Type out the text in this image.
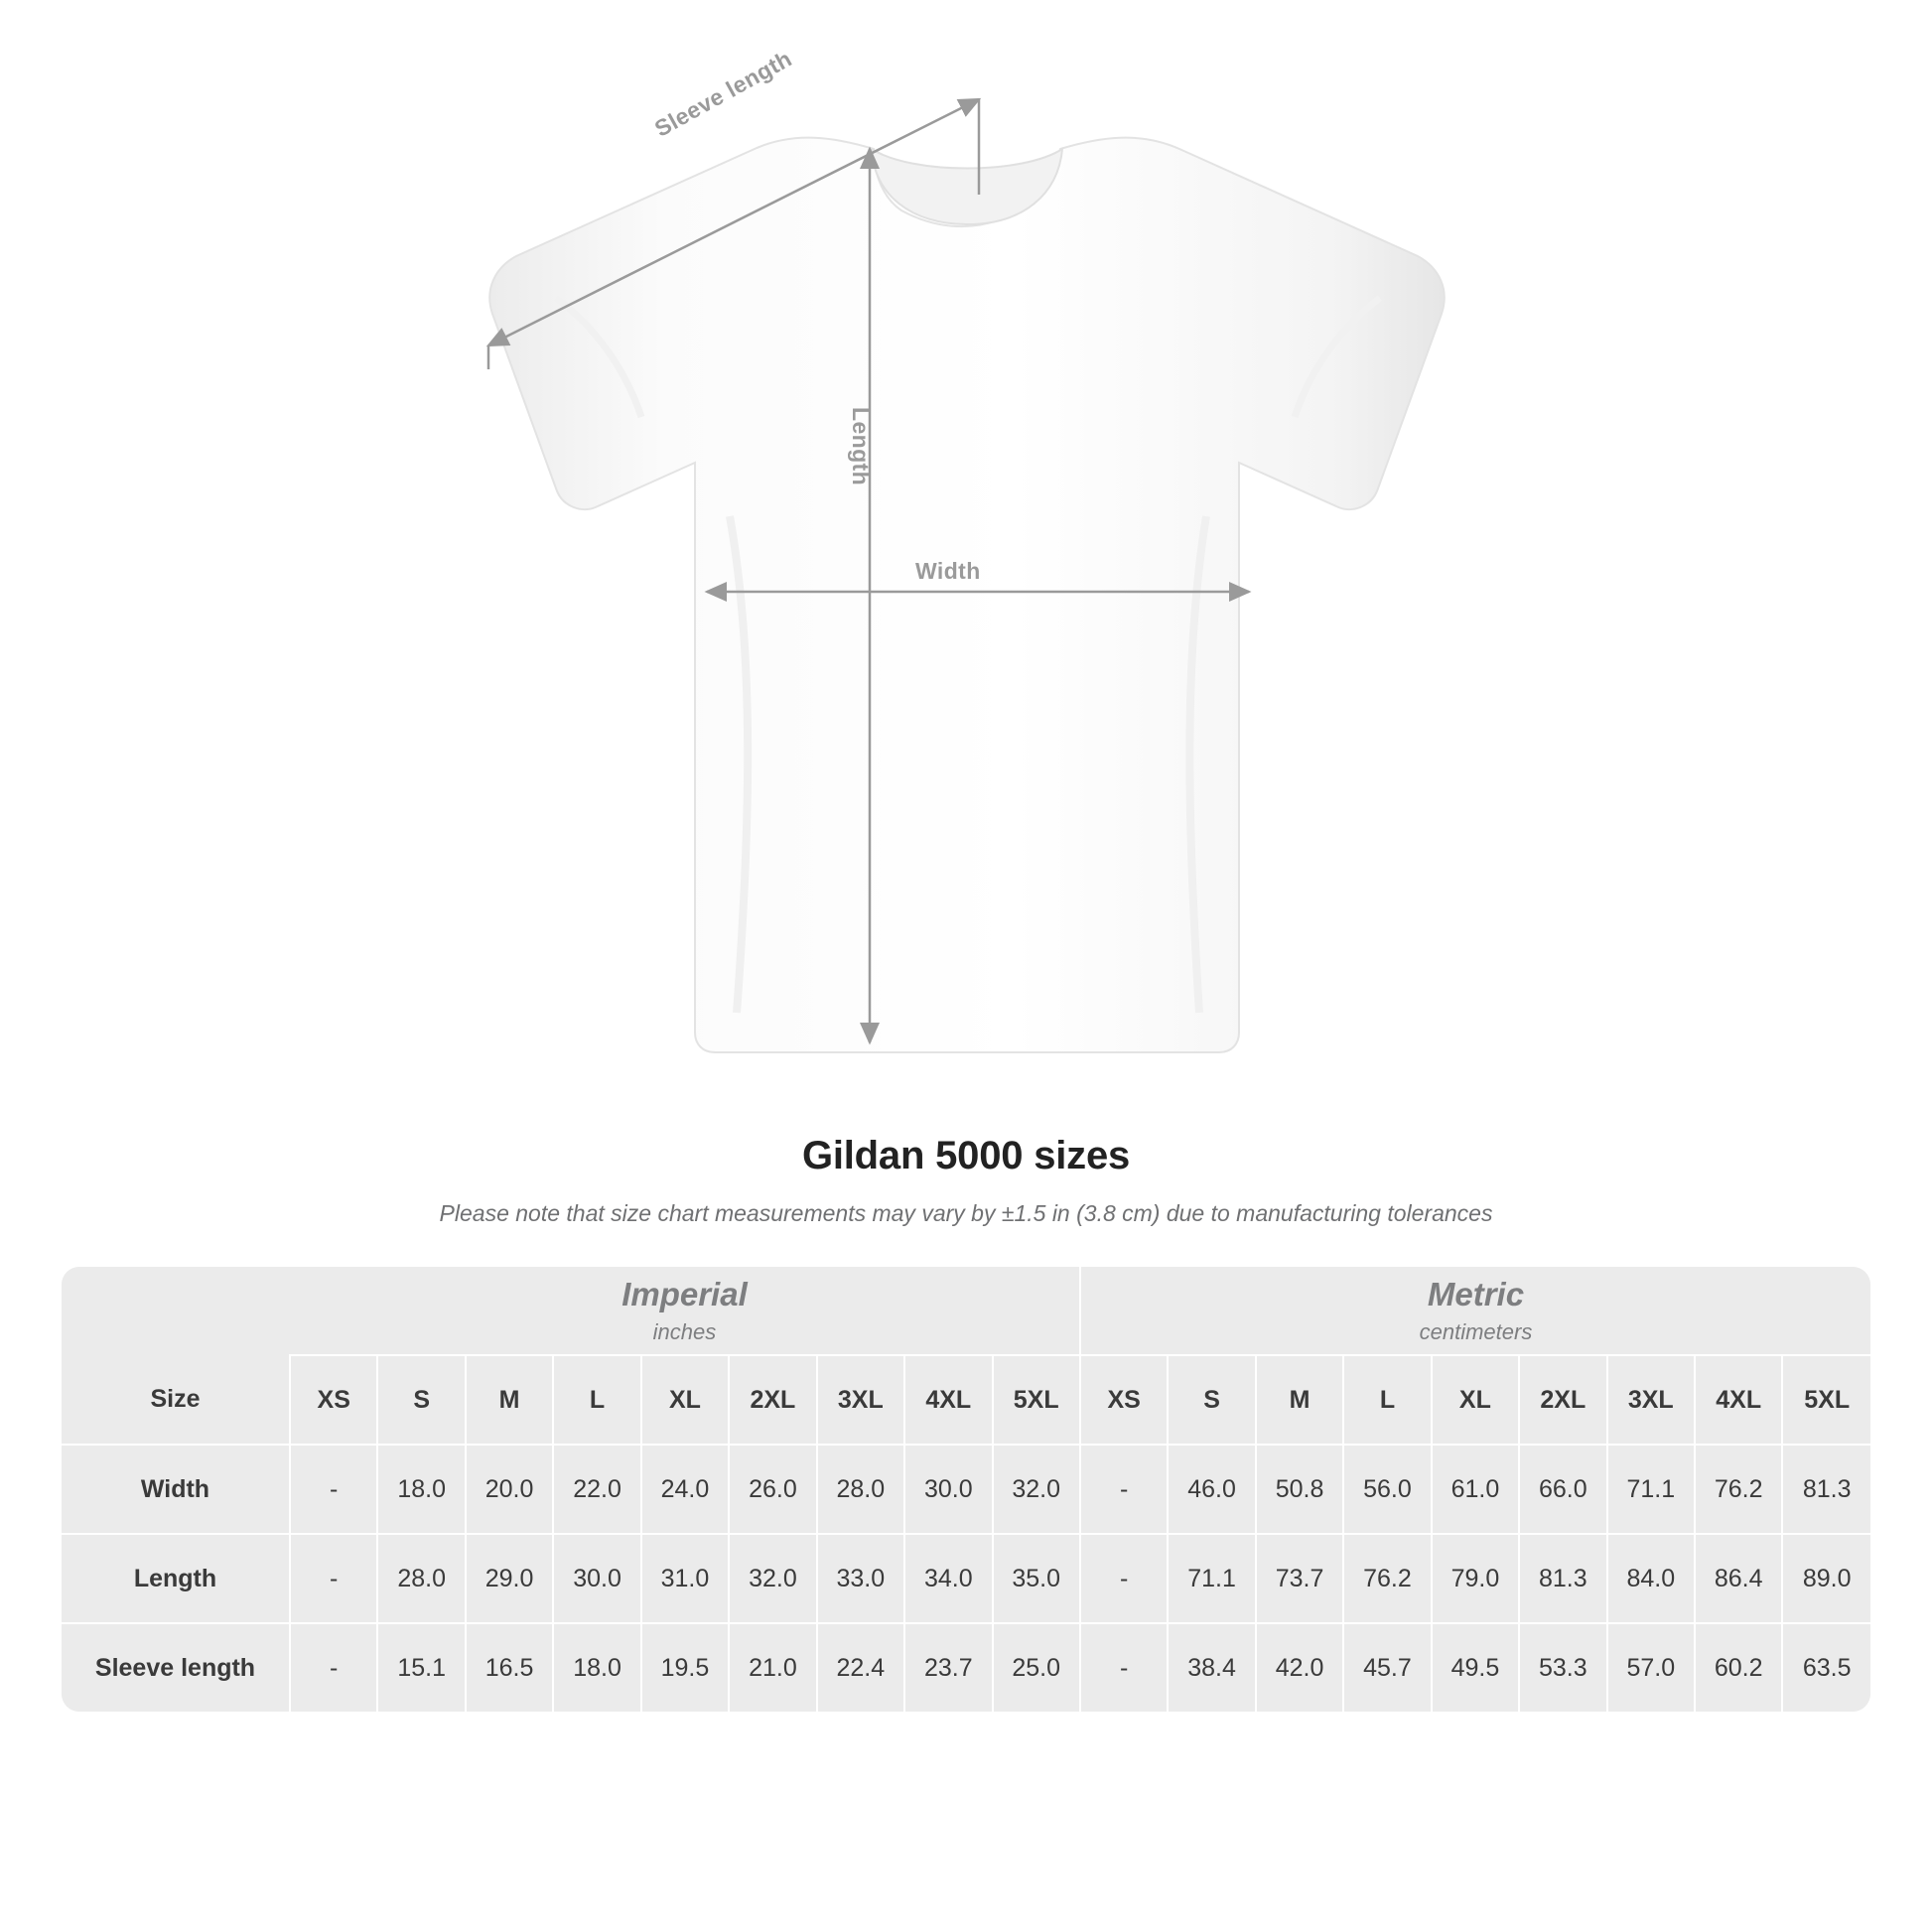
Width
Length
Sleeve length
Gildan 5000 sizes
Please note that size chart measurements may vary by ±1.5 in (3.8 cm) due to manufacturing tolerances

Imperial
inches

Metric
centimeters

Size	XS	S	M	L	XL	2XL	3XL	4XL	5XL	XS	S	M	L	XL	2XL	3XL	4XL	5XL
Width	-	18.0	20.0	22.0	24.0	26.0	28.0	30.0	32.0	-	46.0	50.8	56.0	61.0	66.0	71.1	76.2	81.3
Length	-	28.0	29.0	30.0	31.0	32.0	33.0	34.0	35.0	-	71.1	73.7	76.2	79.0	81.3	84.0	86.4	89.0
Sleeve length	-	15.1	16.5	18.0	19.5	21.0	22.4	23.7	25.0	-	38.4	42.0	45.7	49.5	53.3	57.0	60.2	63.5
